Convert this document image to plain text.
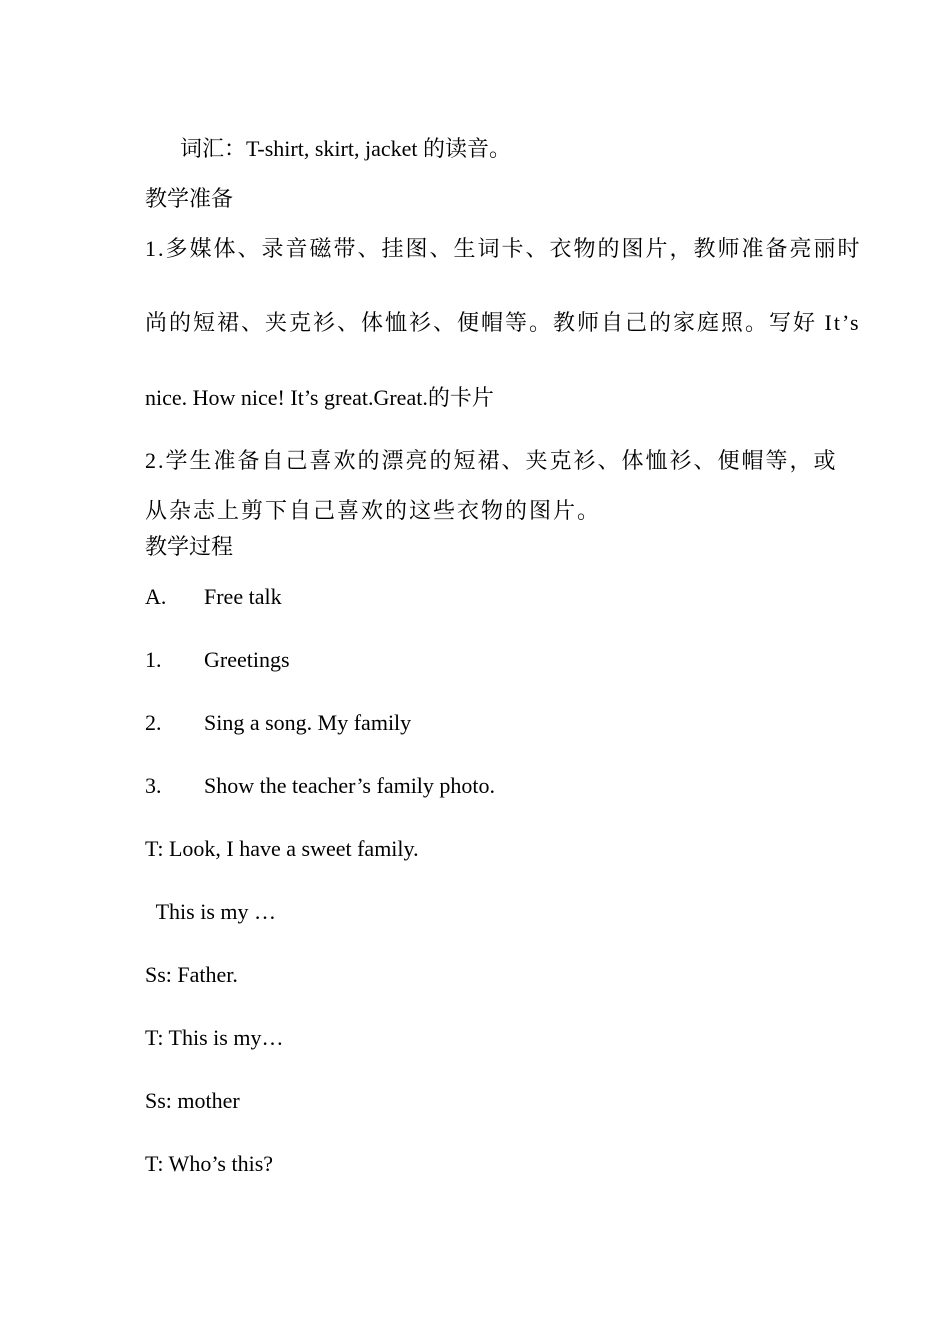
词汇：T-shirt, skirt, jacket 的读音。
教学准备
1.多媒体、录音磁带、挂图、生词卡、衣物的图片，教师准备亮丽时
尚的短裙、夹克衫、体恤衫、便帽等。教师自己的家庭照。写好 It’s
nice. How nice! It’s great.Great.的卡片
2.学生准备自己喜欢的漂亮的短裙、夹克衫、体恤衫、便帽等，或
从杂志上剪下自己喜欢的这些衣物的图片。
教学过程
A. Free talk
1. Greetings
2. Sing a song. My family
3. Show the teacher’s family photo.
T: Look, I have a sweet family.
This is my …
Ss: Father.
T: This is my…
Ss: mother
T: Who’s this?
